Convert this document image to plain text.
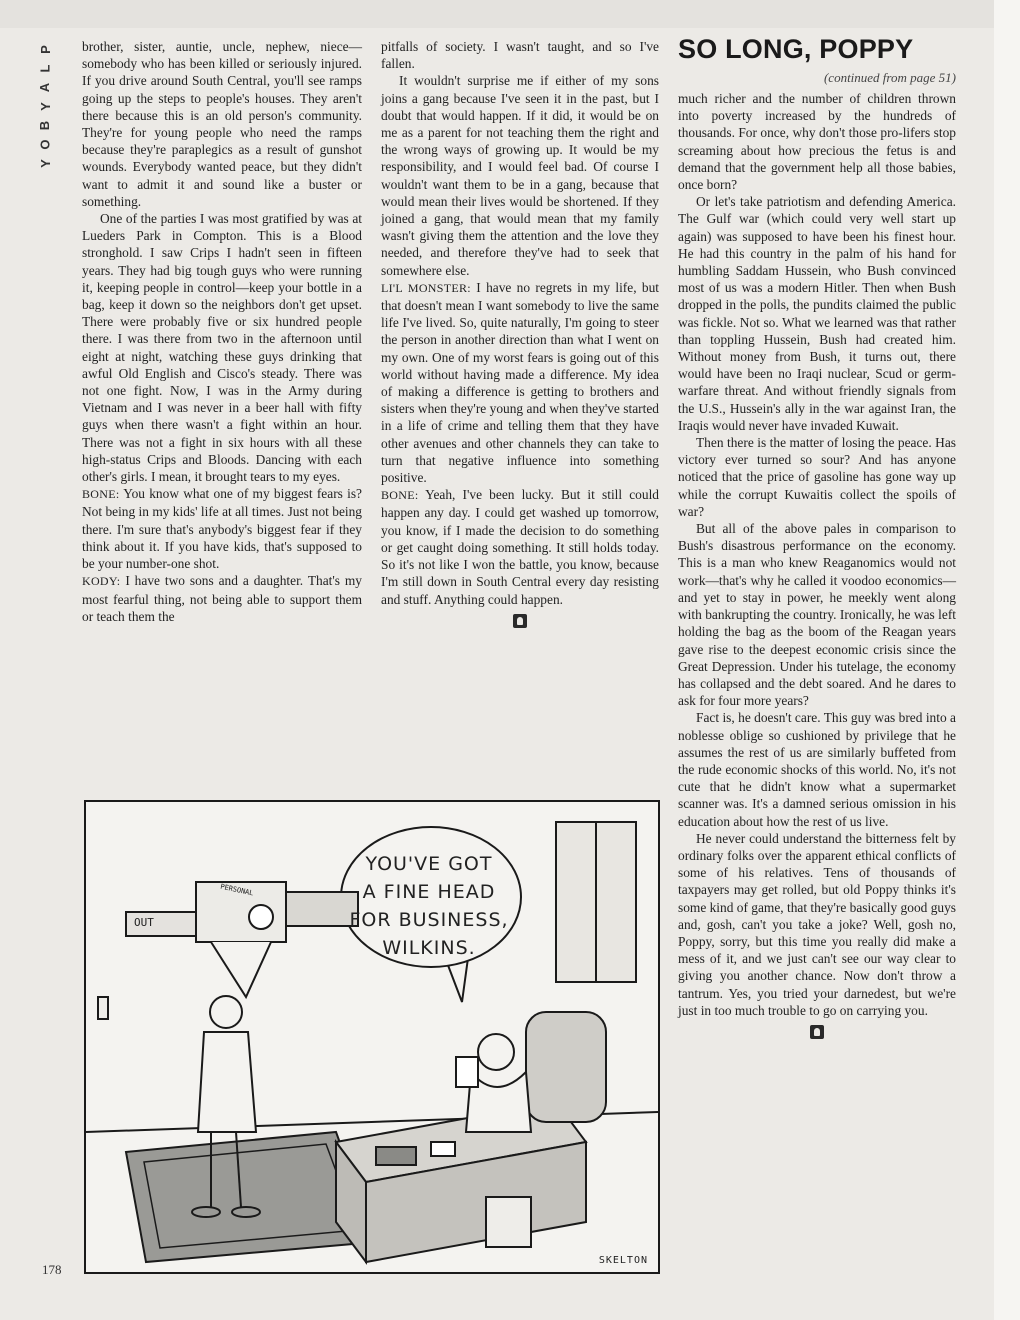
P
L
A
Y
B
O
Y

brother, sister, auntie, uncle, nephew, niece—somebody who has been killed or seriously injured. If you drive around South Central, you'll see ramps going up the steps to people's houses. They aren't there because this is an old person's community. They're for young people who need the ramps because they're paraplegics as a result of gunshot wounds. Everybody wanted peace, but they didn't want to admit it and sound like a buster or something.

One of the parties I was most gratified by was at Lueders Park in Compton. This is a Blood stronghold. I saw Crips I hadn't seen in fifteen years. They had big tough guys who were running it, keeping people in control—keep your bottle in a bag, keep it down so the neighbors don't get upset. There were probably five or six hundred people there. I was there from two in the afternoon until eight at night, watching these guys drinking that awful Old English and Cisco's steady. There was not one fight. Now, I was in the Army during Vietnam and I was never in a beer hall with fifty guys when there wasn't a fight within an hour. There was not a fight in six hours with all these high-status Crips and Bloods. Dancing with each other's girls. I mean, it brought tears to my eyes.

BONE: You know what one of my biggest fears is? Not being in my kids' life at all times. Just not being there. I'm sure that's anybody's biggest fear if they think about it. If you have kids, that's supposed to be your number-one shot.

KODY: I have two sons and a daughter. That's my most fearful thing, not being able to support them or teach them the

pitfalls of society. I wasn't taught, and so I've fallen.

It wouldn't surprise me if either of my sons joins a gang because I've seen it in the past, but I doubt that would happen. If it did, it would be on me as a parent for not teaching them the right and the wrong ways of growing up. It would be my responsibility, and I would feel bad. Of course I wouldn't want them to be in a gang, because that would mean their lives would be shortened. If they joined a gang, that would mean that my family wasn't giving them the attention and the love they needed, and therefore they've had to seek that somewhere else.

LI'L MONSTER: I have no regrets in my life, but that doesn't mean I want somebody to live the same life I've lived. So, quite naturally, I'm going to steer the person in another direction than what I went on my own. One of my worst fears is going out of this world without having made a difference. My idea of making a difference is getting to brothers and sisters when they're young and when they've started in a life of crime and telling them that they have other avenues and other channels they can take to turn that negative influence into something positive.

BONE: Yeah, I've been lucky. But it still could happen any day. I could get washed up tomorrow, you know, if I made the decision to do something or get caught doing something. It still holds today. So it's not like I won the battle, you know, because I'm still down in South Central every day resisting and stuff. Anything could happen.

SO LONG, POPPY
(continued from page 51)

much richer and the number of children thrown into poverty increased by the hundreds of thousands. For once, why don't those pro-lifers stop screaming about how precious the fetus is and demand that the government help all those babies, once born?

Or let's take patriotism and defending America. The Gulf war (which could very well start up again) was supposed to have been his finest hour. He had this country in the palm of his hand for humbling Saddam Hussein, who Bush convinced most of us was a modern Hitler. Then when Bush dropped in the polls, the pundits claimed the public was fickle. Not so. What we learned was that rather than toppling Hussein, Bush had created him. Without money from Bush, it turns out, there would have been no Iraqi nuclear, Scud or germ-warfare threat. And without friendly signals from the U.S., Hussein's ally in the war against Iran, the Iraqis would never have invaded Kuwait.

Then there is the matter of losing the peace. Has victory ever turned so sour? And has anyone noticed that the price of gasoline has gone way up while the corrupt Kuwaitis collect the spoils of war?

But all of the above pales in comparison to Bush's disastrous performance on the economy. This is a man who knew Reaganomics would not work—that's why he called it voodoo economics—and yet to stay in power, he meekly went along with bankrupting the country. Ironically, he was left holding the bag as the boom of the Reagan years gave rise to the deepest economic crisis since the Great Depression. Under his tutelage, the economy has collapsed and the debt soared. And he dares to ask for four more years?

Fact is, he doesn't care. This guy was bred into a noblesse oblige so cushioned by privilege that he assumes the rest of us are similarly buffeted from the rude economic shocks of this world. No, it's not cute that he didn't know what a supermarket scanner was. It's a damned serious omission in his education about how the rest of us live.

He never could understand the bitterness felt by ordinary folks over the apparent ethical conflicts of some of his relatives. Tens of thousands of taxpayers may get rolled, but old Poppy thinks it's some kind of game, that they're basically good guys and, gosh, can't you take a joke? Well, gosh no, Poppy, sorry, but this time you really did make a mess of it, and we just can't see our way clear to giving you another chance. Now don't throw a tantrum. Yes, you tried your darnedest, but we're just in too much trouble to go on carrying you.

YOU'VE GOT
A FINE HEAD
FOR BUSINESS,
WILKINS.
OUT
PERSONAL
SKELTON
178
